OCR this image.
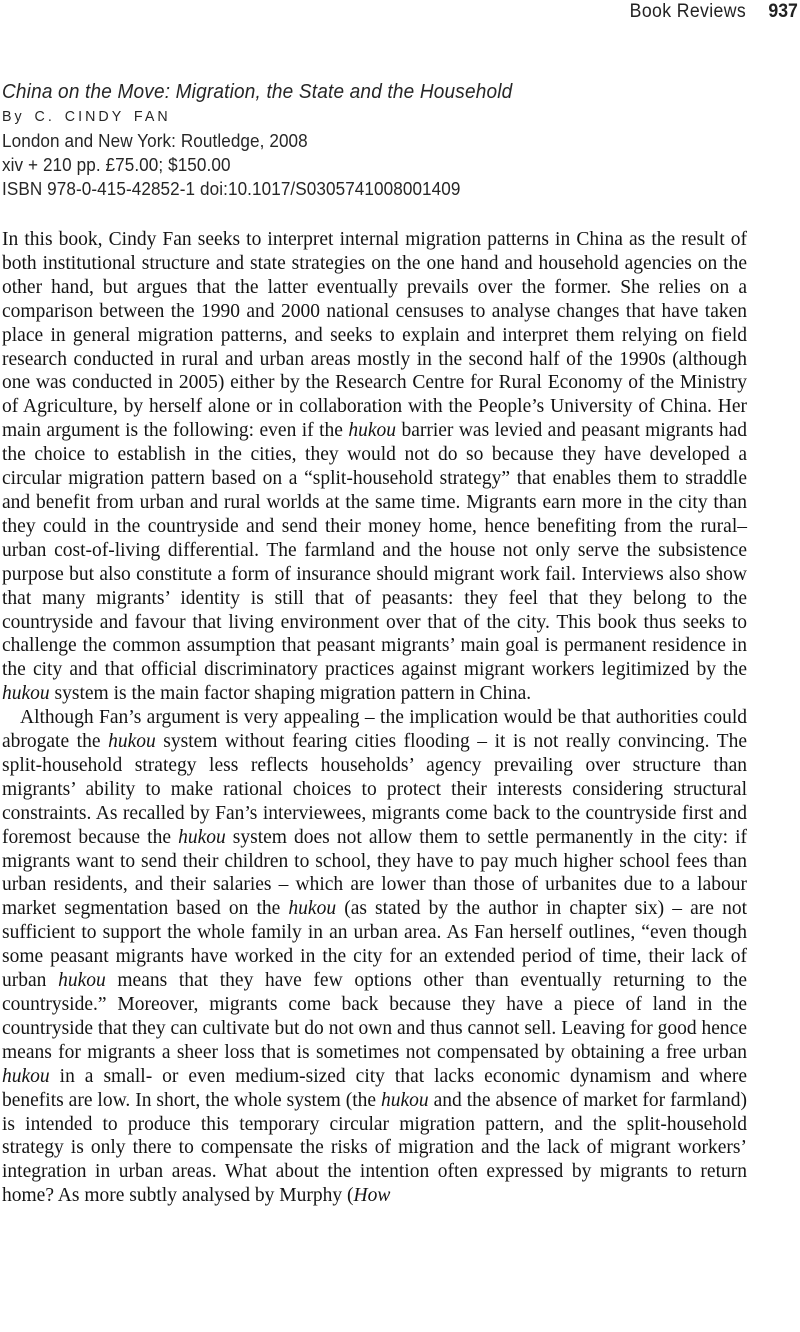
Book Reviews 937
China on the Move: Migration, the State and the Household
By C. CINDY FAN
London and New York: Routledge, 2008
xiv + 210 pp. £75.00; $150.00
ISBN 978-0-415-42852-1 doi:10.1017/S0305741008001409
In this book, Cindy Fan seeks to interpret internal migration patterns in China as the result of both institutional structure and state strategies on the one hand and household agencies on the other hand, but argues that the latter eventually prevails over the former. She relies on a comparison between the 1990 and 2000 national censuses to analyse changes that have taken place in general migration patterns, and seeks to explain and interpret them relying on field research conducted in rural and urban areas mostly in the second half of the 1990s (although one was conducted in 2005) either by the Research Centre for Rural Economy of the Ministry of Agriculture, by herself alone or in collaboration with the People’s University of China. Her main argument is the following: even if the hukou barrier was levied and peasant migrants had the choice to establish in the cities, they would not do so because they have developed a circular migration pattern based on a “split-household strategy” that enables them to straddle and benefit from urban and rural worlds at the same time. Migrants earn more in the city than they could in the countryside and send their money home, hence benefiting from the rural–urban cost-of-living differential. The farmland and the house not only serve the subsistence purpose but also constitute a form of insurance should migrant work fail. Interviews also show that many migrants’ identity is still that of peasants: they feel that they belong to the countryside and favour that living environment over that of the city. This book thus seeks to challenge the common assumption that peasant migrants’ main goal is permanent residence in the city and that official discriminatory practices against migrant workers legitimized by the hukou system is the main factor shaping migration pattern in China.
Although Fan’s argument is very appealing – the implication would be that authorities could abrogate the hukou system without fearing cities flooding – it is not really convincing. The split-household strategy less reflects households’ agency prevailing over structure than migrants’ ability to make rational choices to protect their interests considering structural constraints. As recalled by Fan’s interviewees, migrants come back to the countryside first and foremost because the hukou system does not allow them to settle permanently in the city: if migrants want to send their children to school, they have to pay much higher school fees than urban residents, and their salaries – which are lower than those of urbanites due to a labour market segmentation based on the hukou (as stated by the author in chapter six) – are not sufficient to support the whole family in an urban area. As Fan herself outlines, “even though some peasant migrants have worked in the city for an extended period of time, their lack of urban hukou means that they have few options other than eventually returning to the countryside.” Moreover, migrants come back because they have a piece of land in the countryside that they can cultivate but do not own and thus cannot sell. Leaving for good hence means for migrants a sheer loss that is sometimes not compensated by obtaining a free urban hukou in a small- or even medium-sized city that lacks economic dynamism and where benefits are low. In short, the whole system (the hukou and the absence of market for farmland) is intended to produce this temporary circular migration pattern, and the split-household strategy is only there to compensate the risks of migration and the lack of migrant workers’ integration in urban areas. What about the intention often expressed by migrants to return home? As more subtly analysed by Murphy (How
